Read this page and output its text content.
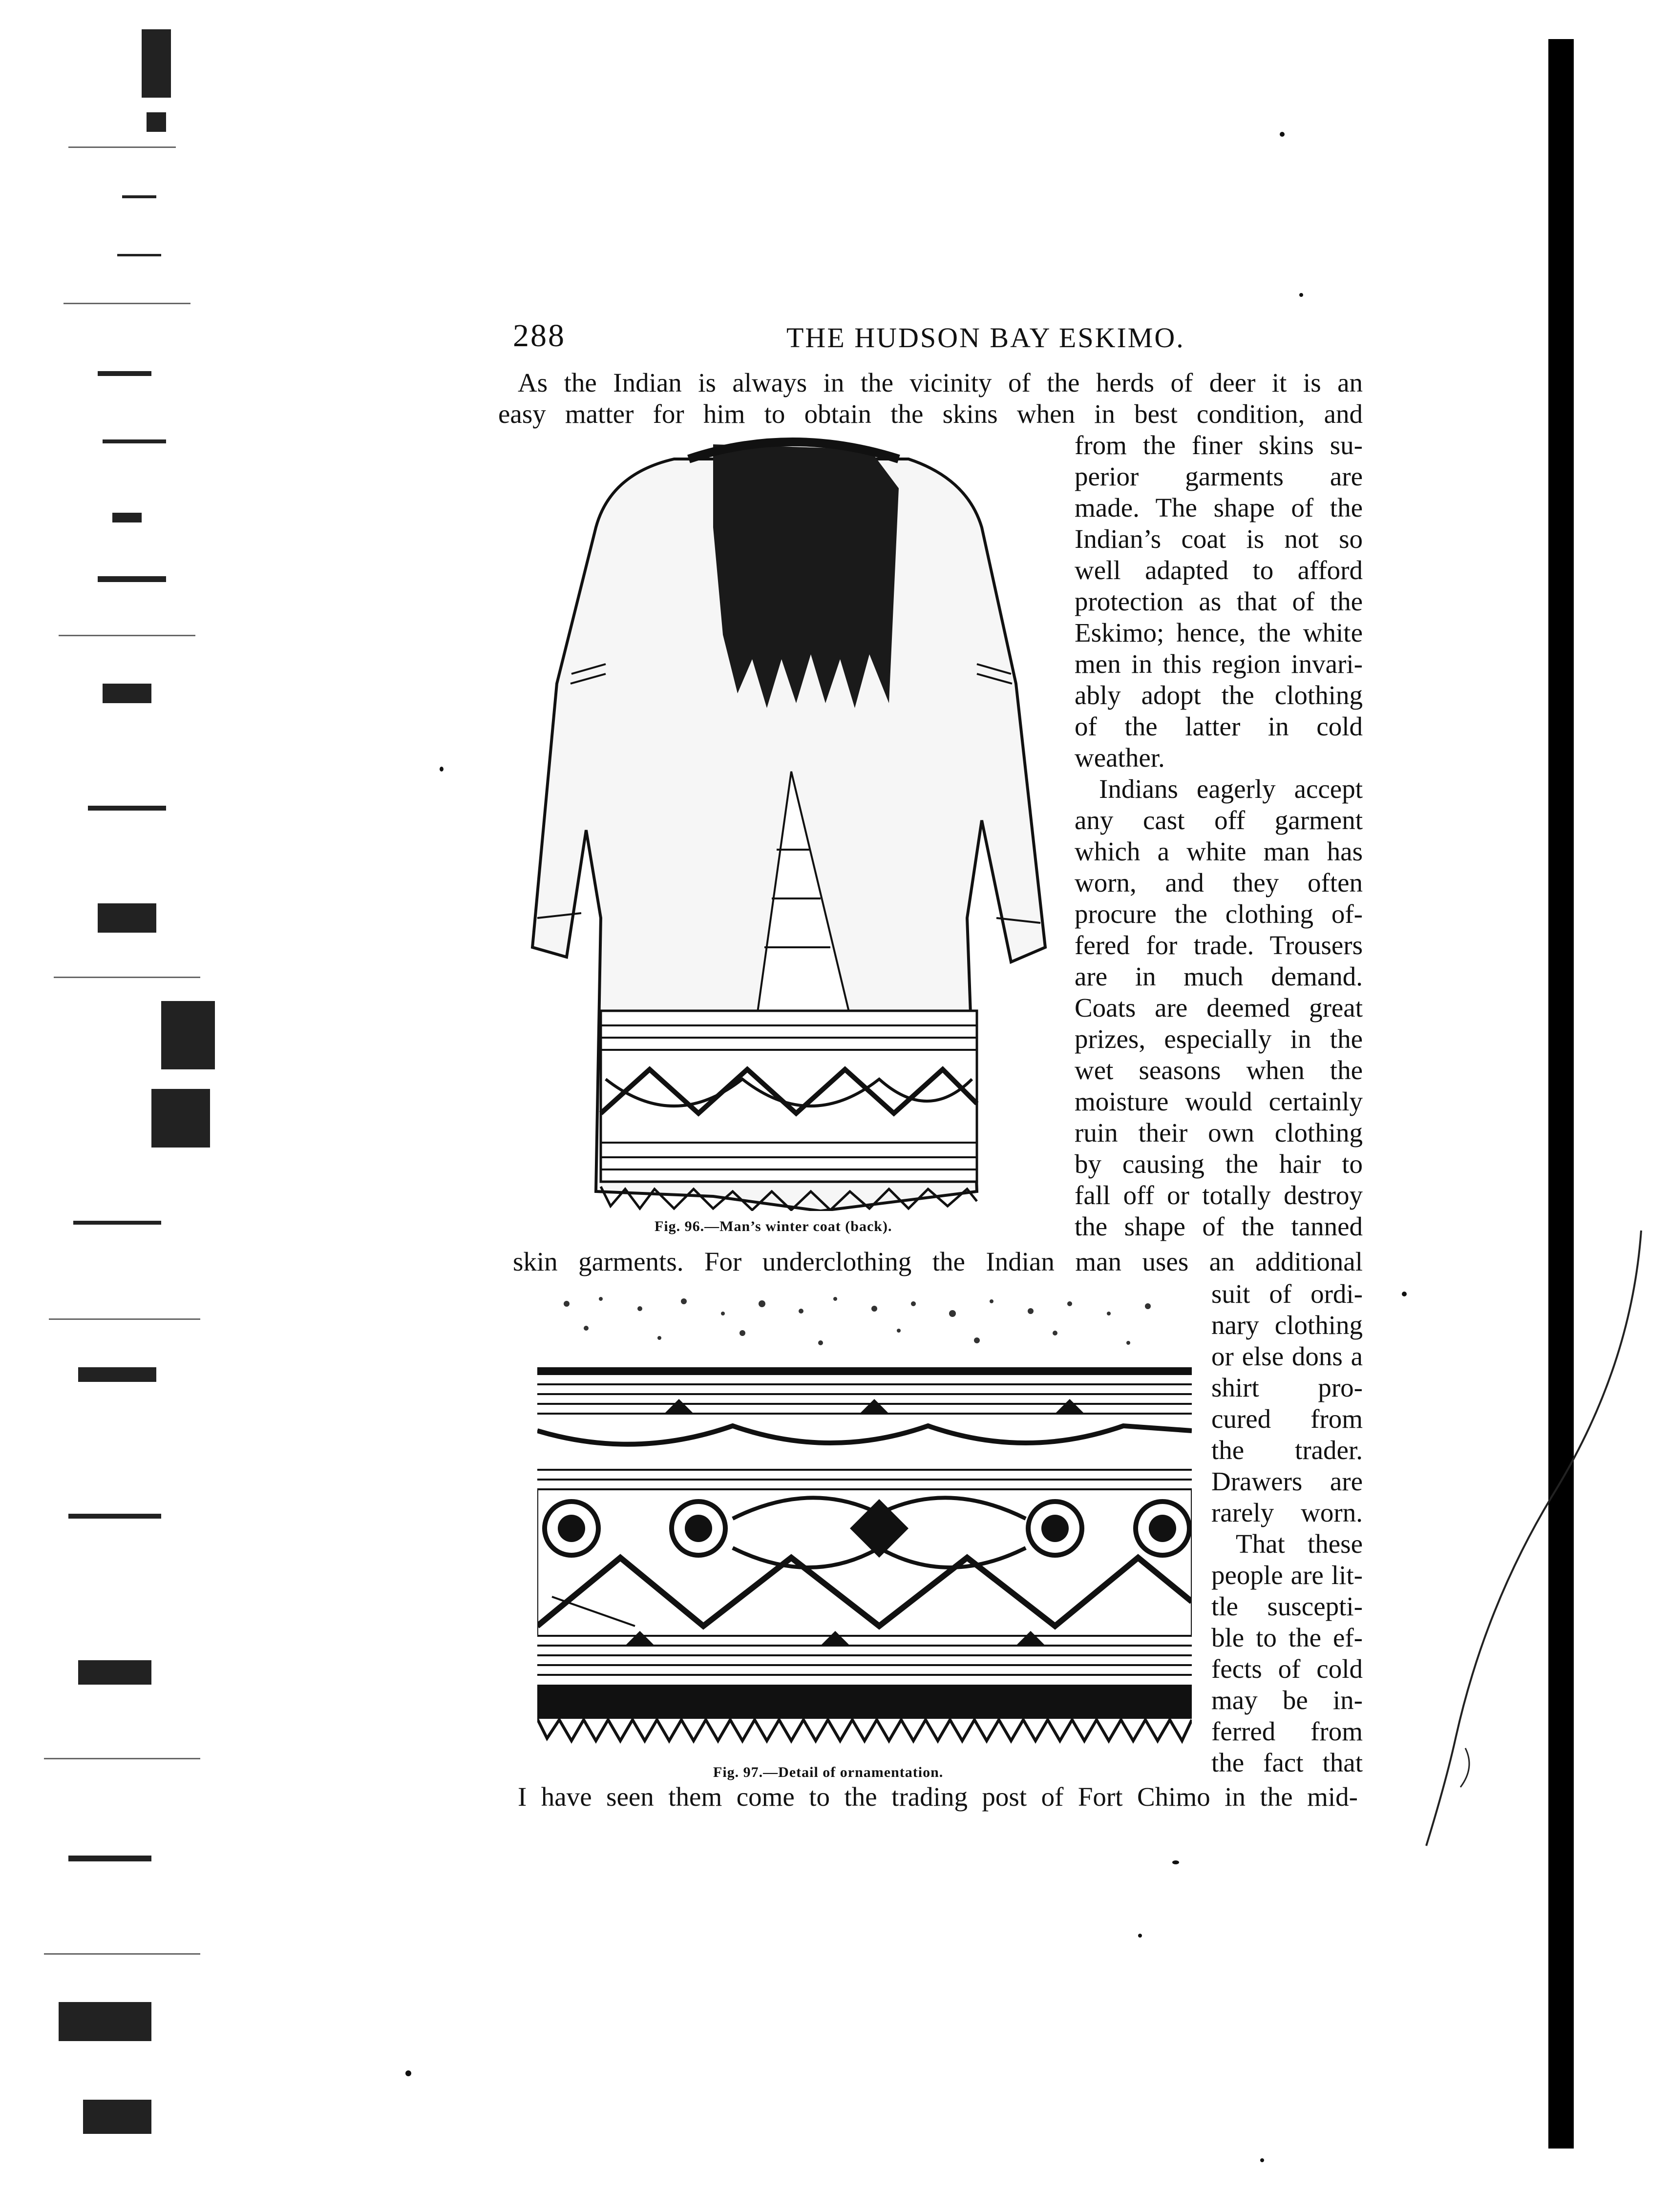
288	THE HUDSON BAY ESKIMO.
As the Indian is always in the vicinity of the herds of deer it is an
easy matter for him to obtain the skins when in best condition, and
Fig. 96.—Man’s winter coat (back).
from the finer skins su-
perior garments are
made. The shape of the
Indian’s coat is not so
well adapted to afford
protection as that of the
Eskimo; hence, the white
men in this region invari-
ably adopt the clothing
of the latter in cold
weather.
Indians eagerly accept
any cast off garment
which a white man has
worn, and they often
procure the clothing of-
fered for trade. Trousers
are in much demand.
Coats are deemed great
prizes, especially in the
wet seasons when the
moisture would certainly
ruin their own clothing
by causing the hair to
fall off or totally destroy
the shape of the tanned
skin garments. For underclothing the Indian man uses an additional
Fig. 97.—Detail of ornamentation.
suit of ordi-
nary clothing
or else dons a
shirt pro-
cured from
the trader.
Drawers are
rarely worn.
That these
people are lit-
tle suscepti-
ble to the ef-
fects of cold
may be in-
ferred from
the fact that
I have seen them come to the trading post of Fort Chimo in the mid-
